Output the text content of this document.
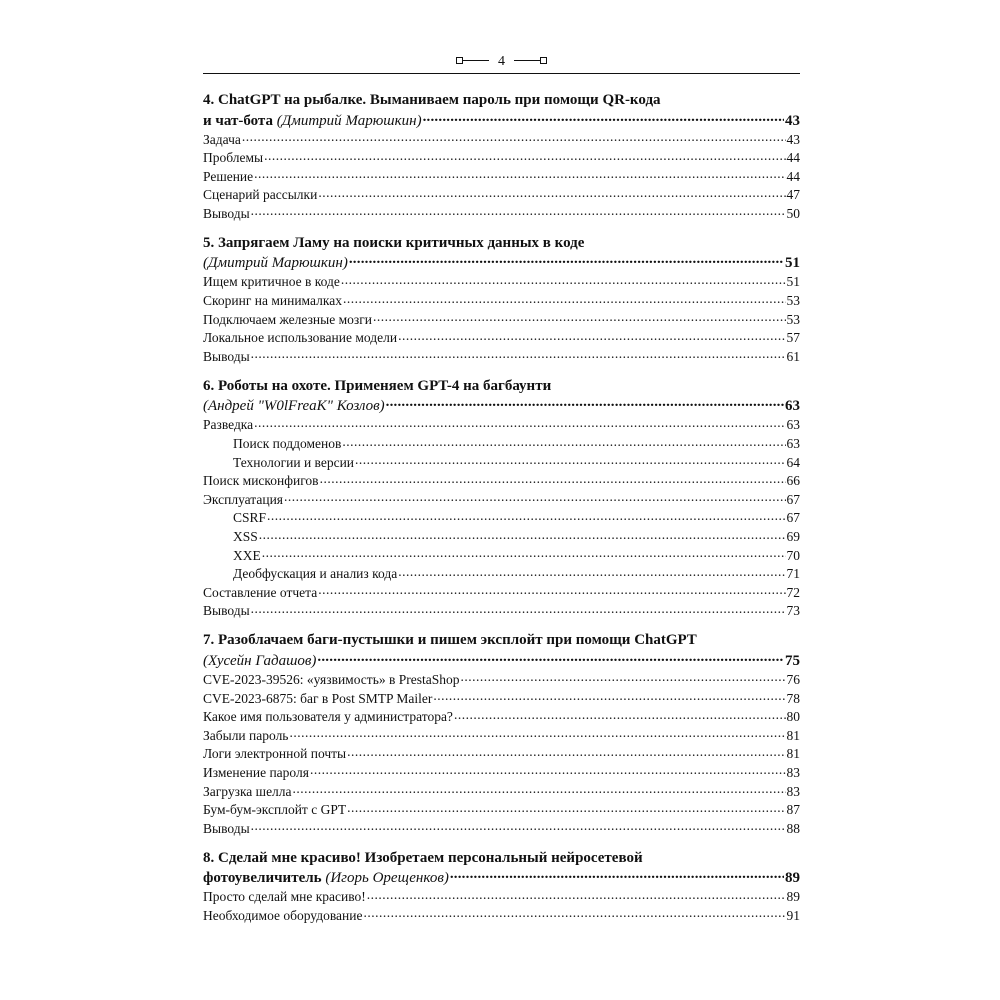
4
4. ChatGPT на рыбалке. Выманиваем пароль при помощи QR-кода
и чат-бота (Дмитрий Марюшкин) .....	43
Задача .....	43
Проблемы .....	44
Решение .....	44
Сценарий рассылки .....	47
Выводы .....	50
5. Запрягаем Ламу на поиски критичных данных в коде
(Дмитрий Марюшкин) .....	51
Ищем критичное в коде .....	51
Скоринг на минималках .....	53
Подключаем железные мозги .....	53
Локальное использование модели .....	57
Выводы .....	61
6. Роботы на охоте. Применяем GPT-4 на багбаунти
(Андрей "W0lFreaK" Козлов) .....	63
Разведка .....	63
Поиск поддоменов .....	63
Технологии и версии .....	64
Поиск мисконфигов .....	66
Эксплуатация .....	67
CSRF .....	67
XSS .....	69
XXE .....	70
Деобфускация и анализ кода .....	71
Составление отчета .....	72
Выводы .....	73
7. Разоблачаем баги-пустышки и пишем эксплойт при помощи ChatGPT
(Хусейн Гадашов) .....	75
CVE-2023-39526: «уязвимость» в PrestaShop .....	76
CVE-2023-6875: баг в Post SMTP Mailer .....	78
Какое имя пользователя у администратора? .....	80
Забыли пароль .....	81
Логи электронной почты .....	81
Изменение пароля .....	83
Загрузка шелла .....	83
Бум-бум-эксплойт с GPT .....	87
Выводы .....	88
8. Сделай мне красиво! Изобретаем персональный нейросетевой
фотоувеличитель (Игорь Орещенков) .....	89
Просто сделай мне красиво! .....	89
Необходимое оборудование .....	91
